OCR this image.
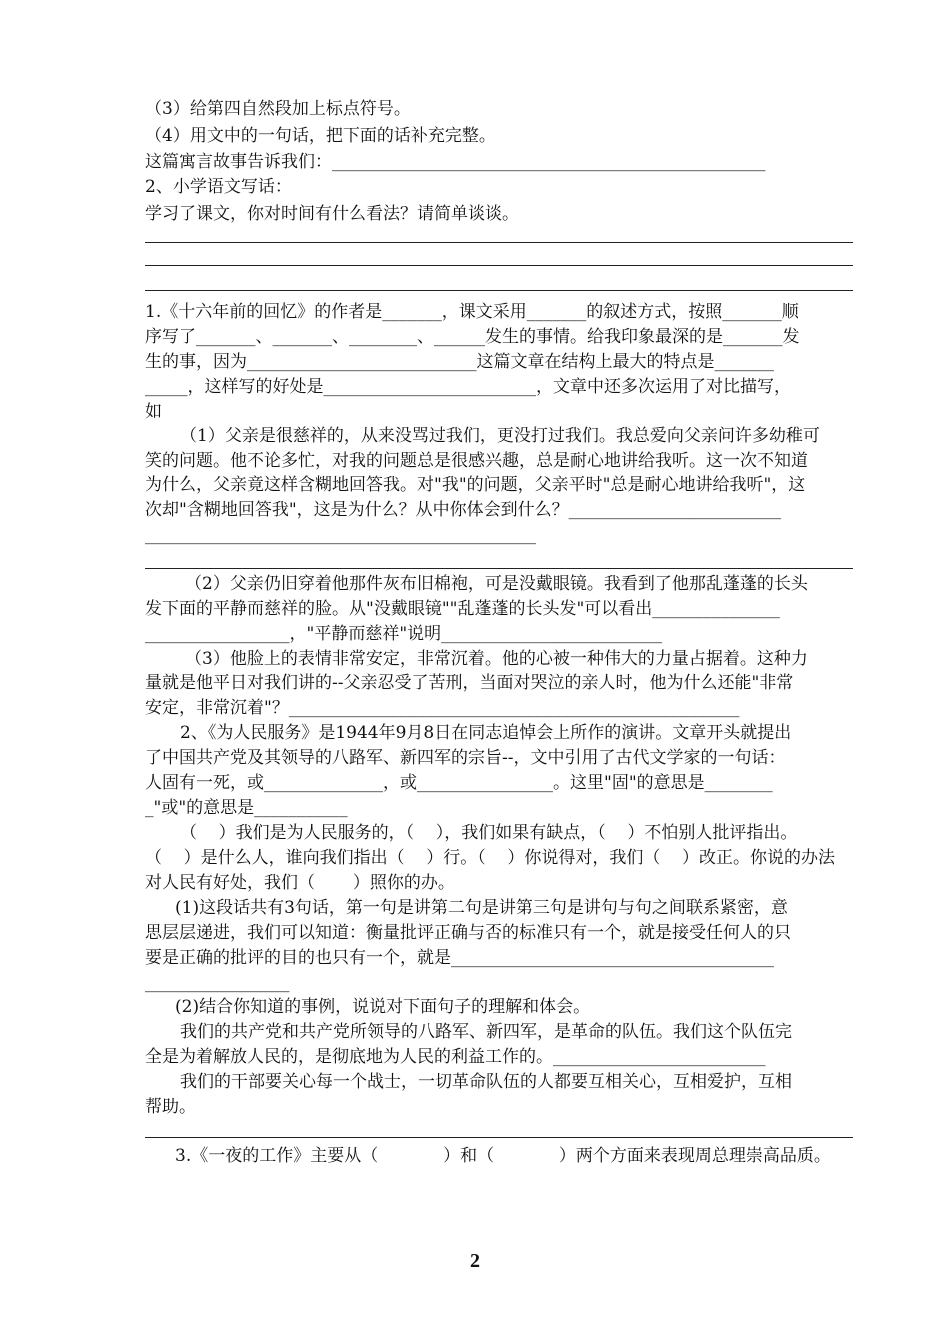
（3）给第四自然段加上标点符号。
（4）用文中的一句话，把下面的话补充完整。
这篇寓言故事告诉我们：___________________________________________________
2、小学语文写话：
学习了课文，你对时间有什么看法？请简单谈谈。
1.《十六年前的回忆》的作者是_______，课文采用_______的叙述方式，按照_______顺
序写了_______、_______、________、______发生的事情。给我印象最深的是_______发
生的事，因为___________________________这篇文章在结构上最大的特点是_______
_____，这样写的好处是_________________________，文章中还多次运用了对比描写，
如
（1）父亲是很慈祥的，从来没骂过我们，更没打过我们。我总爱向父亲问许多幼稚可
笑的问题。他不论多忙，对我的问题总是很感兴趣，总是耐心地讲给我听。这一次不知道
为什么，父亲竟这样含糊地回答我。对"我"的问题，父亲平时"总是耐心地讲给我听"，这
次却"含糊地回答我"，这是为什么？从中你体会到什么？_________________________
______________________________________________
（2）父亲仍旧穿着他那件灰布旧棉袍，可是没戴眼镜。我看到了他那乱蓬蓬的长头
发下面的平静而慈祥的脸。从"没戴眼镜""乱蓬蓬的长头发"可以看出_______________
_________________，"平静而慈祥"说明__________________________
（3）他脸上的表情非常安定，非常沉着。他的心被一种伟大的力量占据着。这种力
量就是他平日对我们讲的--父亲忍受了苦刑，当面对哭泣的亲人时，他为什么还能"非常
安定，非常沉着"？_____________________________________________________
2、《为人民服务》是1944年9月8日在同志追悼会上所作的演讲。文章开头就提出
了中国共产党及其领导的八路军、新四军的宗旨--，文中引用了古代文学家的一句话：
人固有一死，或______________，或________________。这里"固"的意思是________
_"或"的意思是___________
（    ）我们是为人民服务的，（    ），我们如果有缺点，（    ）不怕别人批评指出。
（    ）是什么人，谁向我们指出（    ）行。（    ）你说得对，我们（    ）改正。你说的办法
对人民有好处，我们（       ）照你的办。
(1)这段话共有3句话，第一句是讲第二句是讲第三句是讲句与句之间联系紧密，意
思层层递进，我们可以知道：衡量批评正确与否的标准只有一个，就是接受任何人的只
要是正确的批评的目的也只有一个，就是______________________________________
_________________
(2)结合你知道的事例，说说对下面句子的理解和体会。
我们的共产党和共产党所领导的八路军、新四军，是革命的队伍。我们这个队伍完
全是为着解放人民的，是彻底地为人民的利益工作的。_________________________
我们的干部要关心每一个战士，一切革命队伍的人都要互相关心，互相爱护，互相
帮助。
3.《一夜的工作》主要从（            ）和（            ）两个方面来表现周总理崇高品质。
2
